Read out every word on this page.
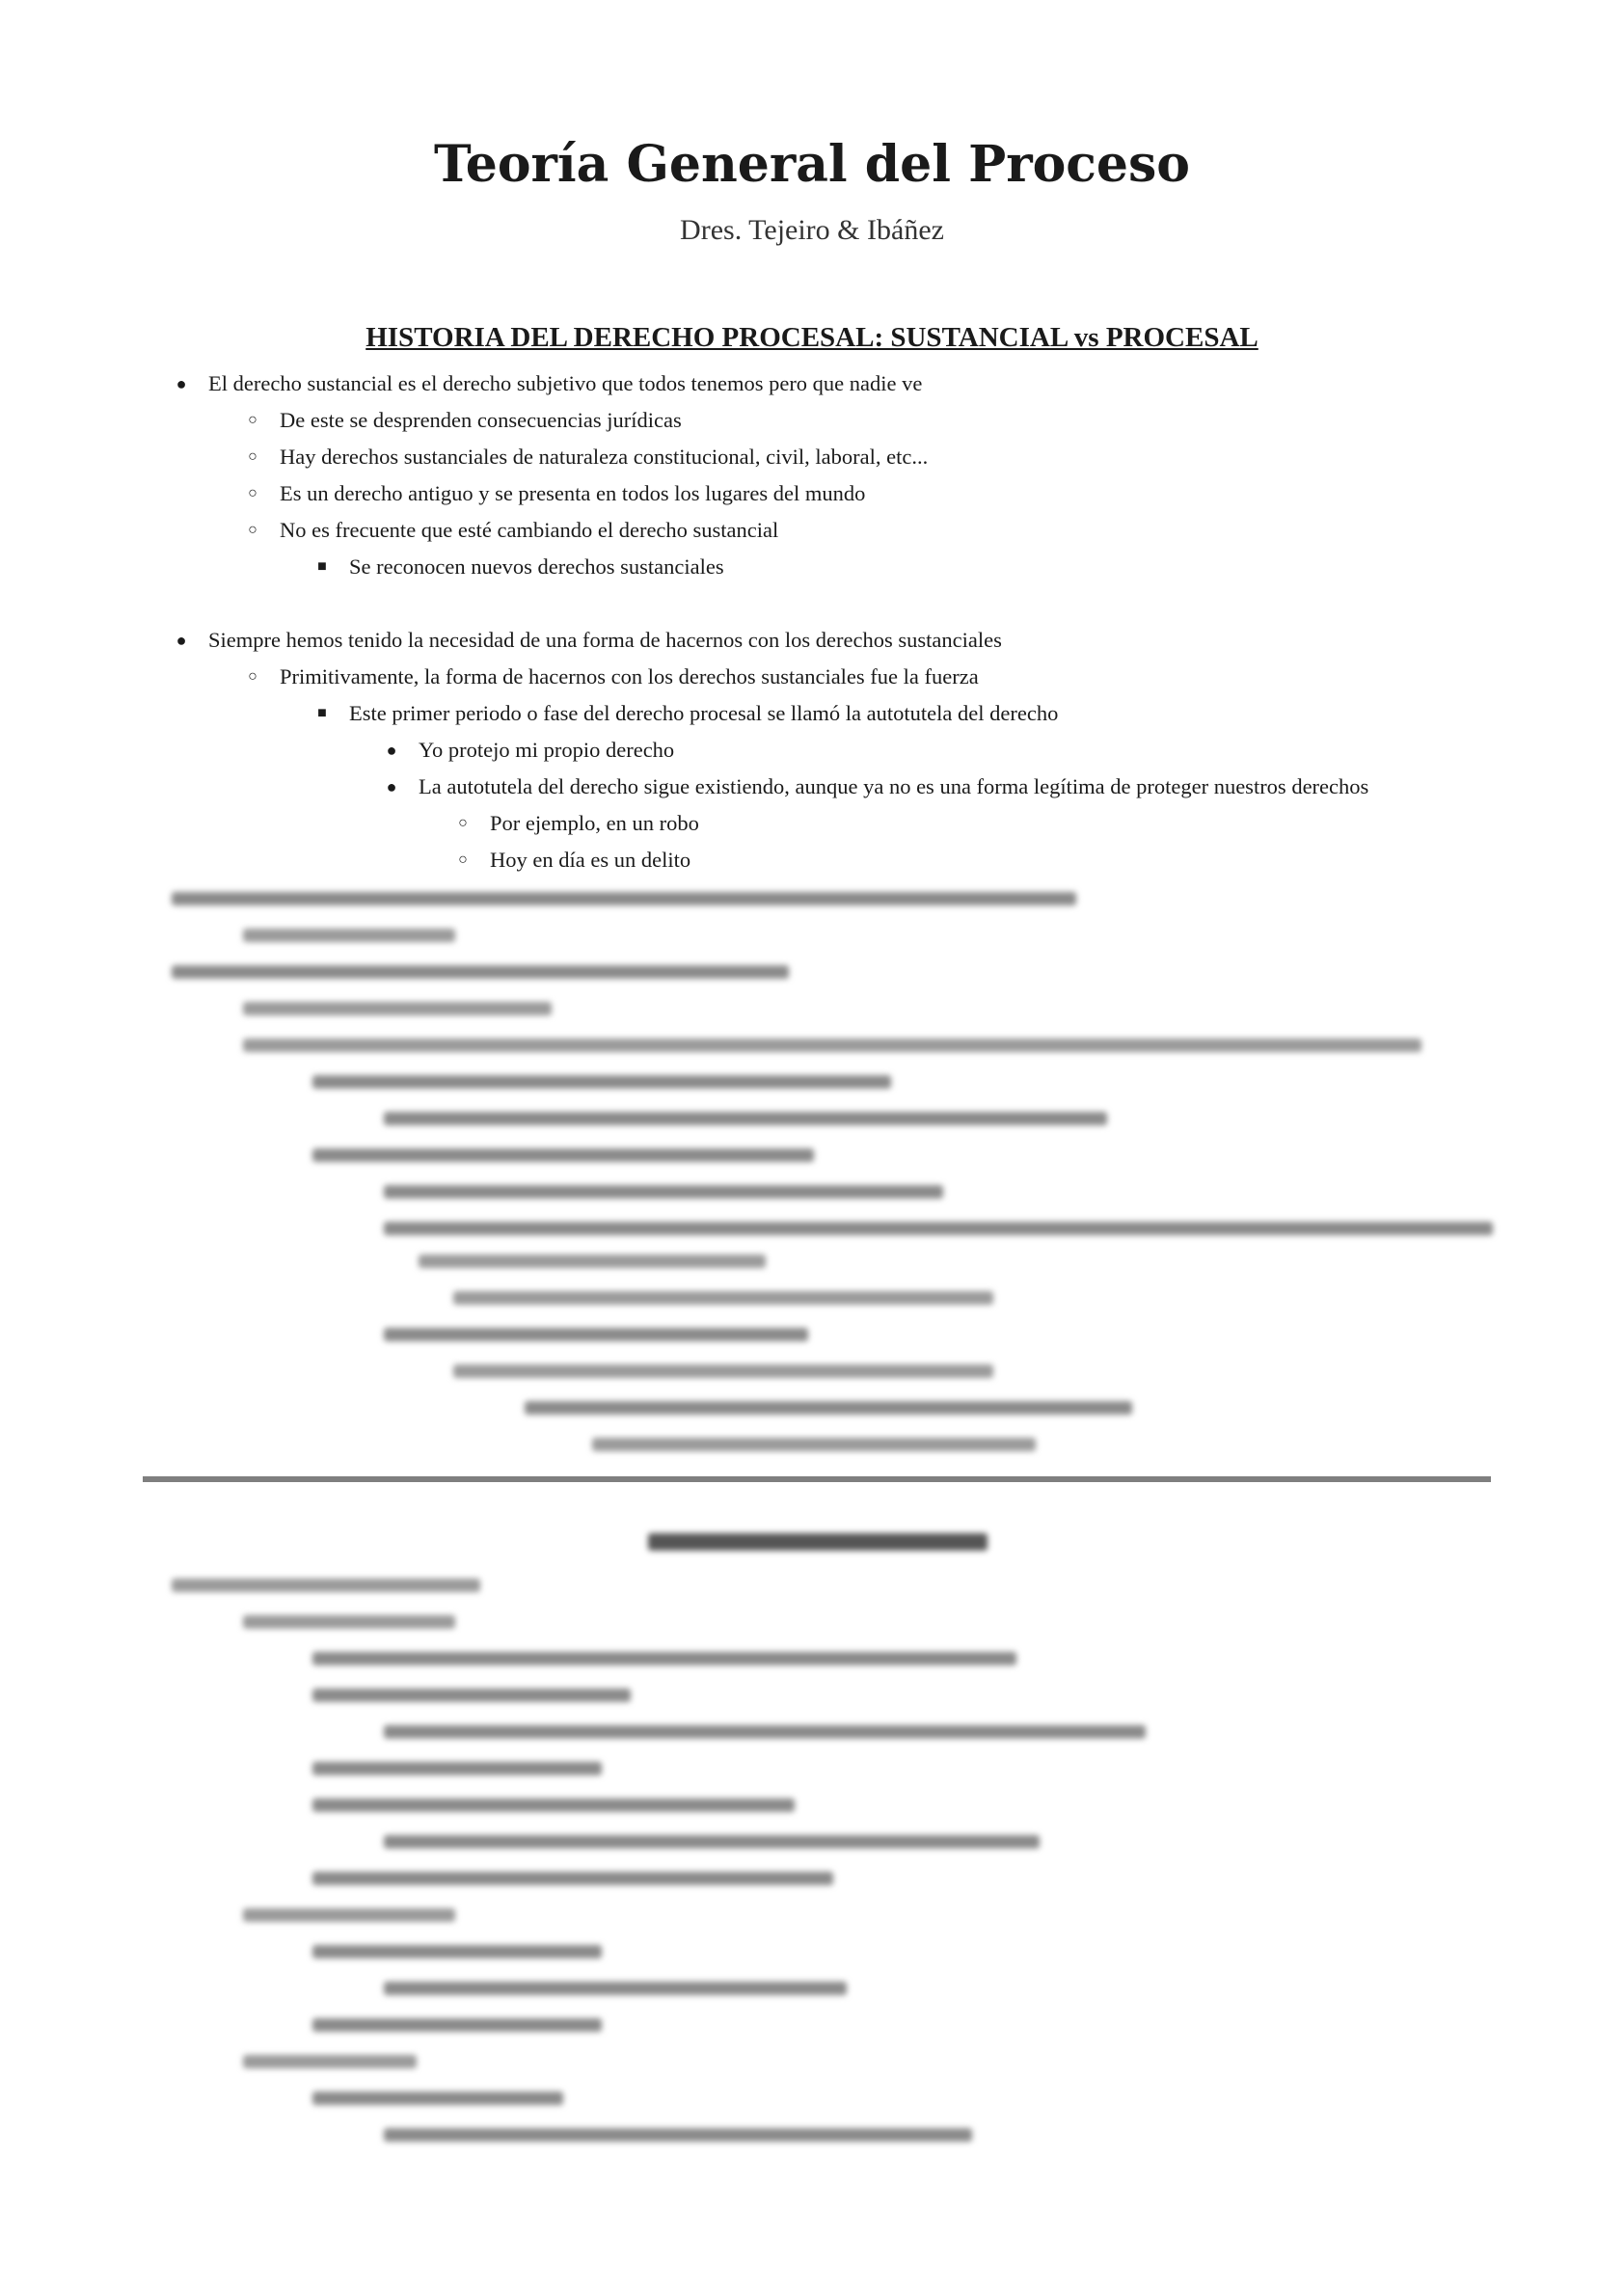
Teoría General del Proceso
Dres. Tejeiro & Ibáñez
HISTORIA DEL DERECHO PROCESAL: SUSTANCIAL vs PROCESAL
● El derecho sustancial es el derecho subjetivo que todos tenemos pero que nadie ve
○	De este se desprenden consecuencias jurídicas
○	Hay derechos sustanciales de naturaleza constitucional, civil, laboral, etc...
○	Es un derecho antiguo y se presenta en todos los lugares del mundo
○	No es frecuente que esté cambiando el derecho sustancial
■	Se reconocen nuevos derechos sustanciales
● Siempre hemos tenido la necesidad de una forma de hacernos con los derechos sustanciales
○	Primitivamente, la forma de hacernos con los derechos sustanciales fue la fuerza
■	Este primer periodo o fase del derecho procesal se llamó la autotutela del derecho
● Yo protejo mi propio derecho
● La autotutela del derecho sigue existiendo, aunque ya no es una forma legítima de proteger nuestros derechos
○	Por ejemplo, en un robo
○	Hoy en día es un delito
